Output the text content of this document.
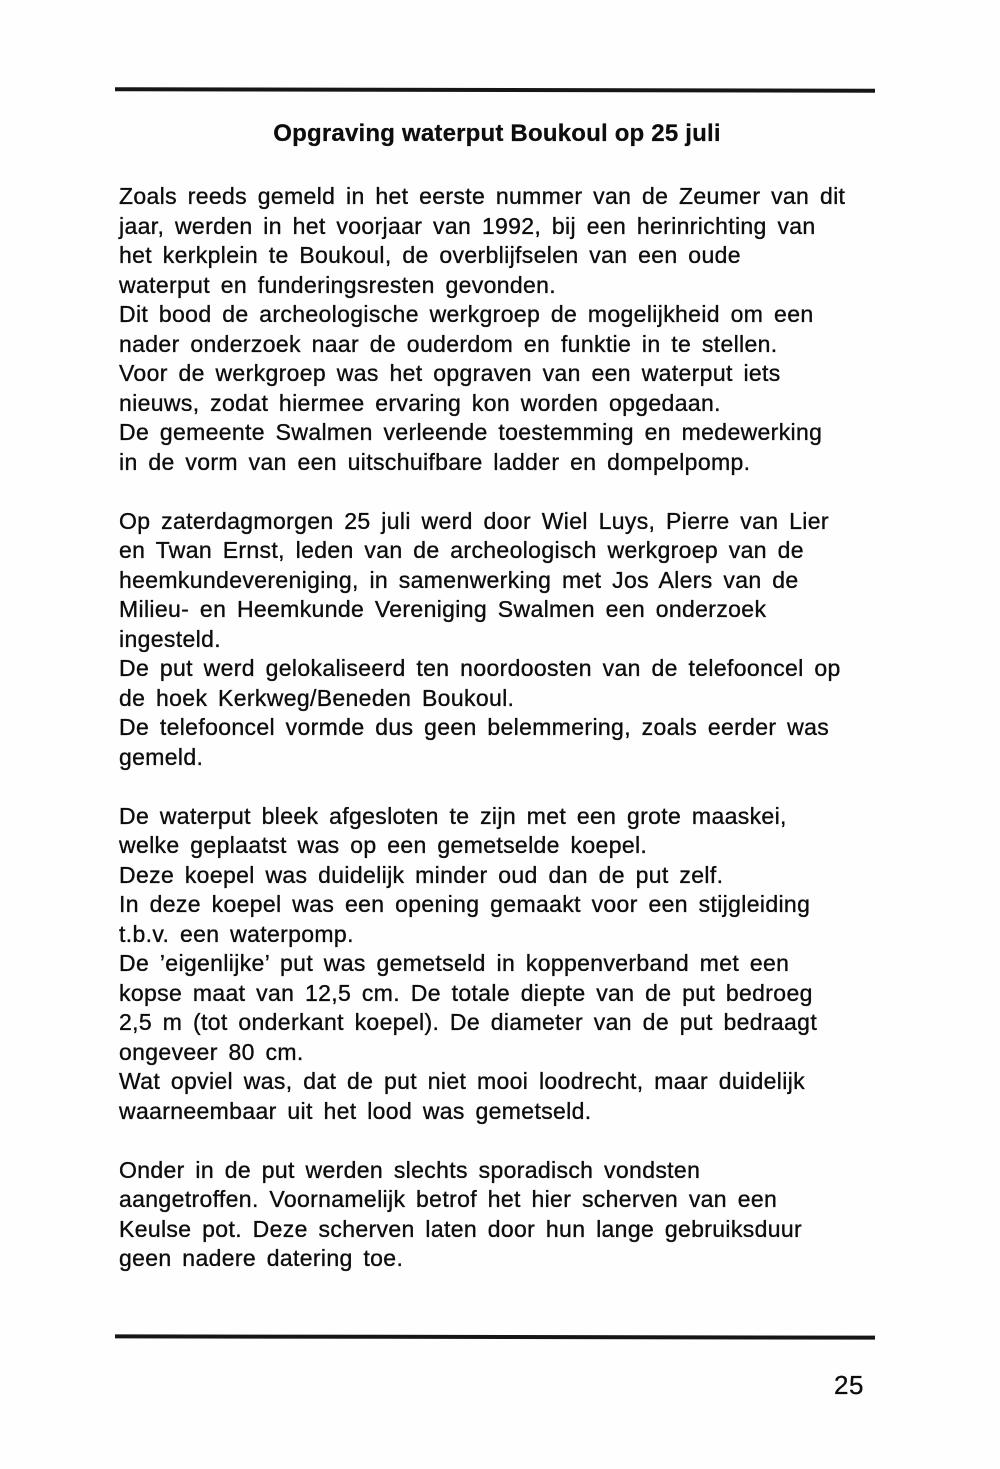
Opgraving waterput Boukoul op 25 juli

Zoals reeds gemeld in het eerste nummer van de Zeumer van dit
jaar, werden in het voorjaar van 1992, bij een herinrichting van
het kerkplein te Boukoul, de overblijfselen van een oude
waterput en funderingsresten gevonden.
Dit bood de archeologische werkgroep de mogelijkheid om een
nader onderzoek naar de ouderdom en funktie in te stellen.
Voor de werkgroep was het opgraven van een waterput iets
nieuws, zodat hiermee ervaring kon worden opgedaan.
De gemeente Swalmen verleende toestemming en medewerking
in de vorm van een uitschuifbare ladder en dompelpomp.

Op zaterdagmorgen 25 juli werd door Wiel Luys, Pierre van Lier
en Twan Ernst, leden van de archeologisch werkgroep van de
heemkundevereniging, in samenwerking met Jos Alers van de
Milieu- en Heemkunde Vereniging Swalmen een onderzoek
ingesteld.
De put werd gelokaliseerd ten noordoosten van de telefooncel op
de hoek Kerkweg/Beneden Boukoul.
De telefooncel vormde dus geen belemmering, zoals eerder was
gemeld.

De waterput bleek afgesloten te zijn met een grote maaskei,
welke geplaatst was op een gemetselde koepel.
Deze koepel was duidelijk minder oud dan de put zelf.
In deze koepel was een opening gemaakt voor een stijgleiding
t.b.v. een waterpomp.
De ’eigenlijke’ put was gemetseld in koppenverband met een
kopse maat van 12,5 cm. De totale diepte van de put bedroeg
2,5 m (tot onderkant koepel). De diameter van de put bedraagt
ongeveer 80 cm.
Wat opviel was, dat de put niet mooi loodrecht, maar duidelijk
waarneembaar uit het lood was gemetseld.

Onder in de put werden slechts sporadisch vondsten
aangetroffen. Voornamelijk betrof het hier scherven van een
Keulse pot. Deze scherven laten door hun lange gebruiksduur
geen nadere datering toe.

25
